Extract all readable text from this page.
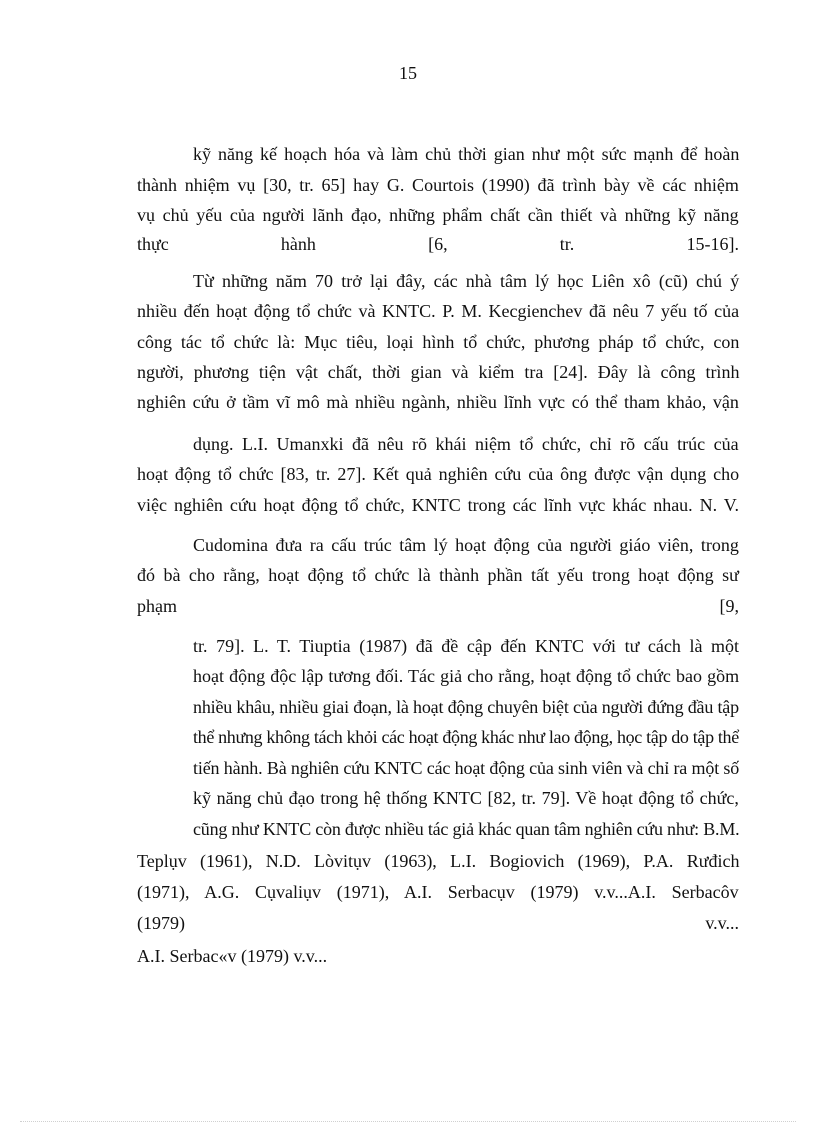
15

kỹ năng kế hoạch hóa và làm chủ thời gian như một sức mạnh để hoàn

thành nhiệm vụ [30, tr. 65] hay G. Courtois (1990) đã trình bày về các nhiệm

vụ chủ yếu của người lãnh đạo, những phẩm chất cần thiết và những kỹ năng

thực	hành	[6,	tr.	15-16].

Từ những năm 70 trở lại đây, các nhà tâm lý học Liên xô (cũ) chú ý

nhiều đến hoạt động tổ chức và KNTC. P. M. Kecgienchev đã nêu 7 yếu tố của

công tác tổ chức là: Mục tiêu, loại hình tổ chức, phương pháp tổ chức, con

người, phương tiện vật chất, thời gian và kiểm tra [24]. Đây là công trình

nghiên cứu ở tầm vĩ mô mà nhiều ngành, nhiều lĩnh vực có thể tham khảo, vận

dụng. L.I. Umanxki đã nêu rõ khái niệm tổ chức, chỉ rõ cấu trúc của

hoạt động tổ chức [83, tr. 27]. Kết quả nghiên cứu của ông được vận dụng cho

việc nghiên cứu hoạt động tổ chức, KNTC trong các lĩnh vực khác nhau. N. V.

Cudomina đưa ra cấu trúc tâm lý hoạt động của người giáo viên, trong

đó bà cho rằng, hoạt động tổ chức là thành phần tất yếu trong hoạt động sư

phạm	[9,

tr. 79]. L. T. Tiuptia (1987) đã đề cập đến KNTC với tư cách là một

hoạt động độc lập tương đối. Tác giả cho rằng, hoạt động tổ chức bao gồm

nhiều khâu, nhiều giai đoạn, là hoạt động chuyên biệt của người đứng đầu tập

thể nhưng không tách khỏi các hoạt động khác như lao động, học tập do tập thể

tiến hành. Bà nghiên cứu KNTC các hoạt động của sinh viên và chỉ ra một số

kỹ năng chủ đạo trong hệ thống KNTC [82, tr. 79]. Về hoạt động tổ chức,

cũng như KNTC còn được nhiều tác giả khác quan tâm nghiên cứu như: B.M.

Teplụv (1961), N.D. Lòvitụv (1963), L.I. Bogiovich (1969), P.A. Rưđich

(1971), A.G. Cụvaliụv (1971), A.I. Serbacụv (1979) v.v...A.I. Serbacôv

(1979)	v.v...

A.I. Serbac«v (1979) v.v...
